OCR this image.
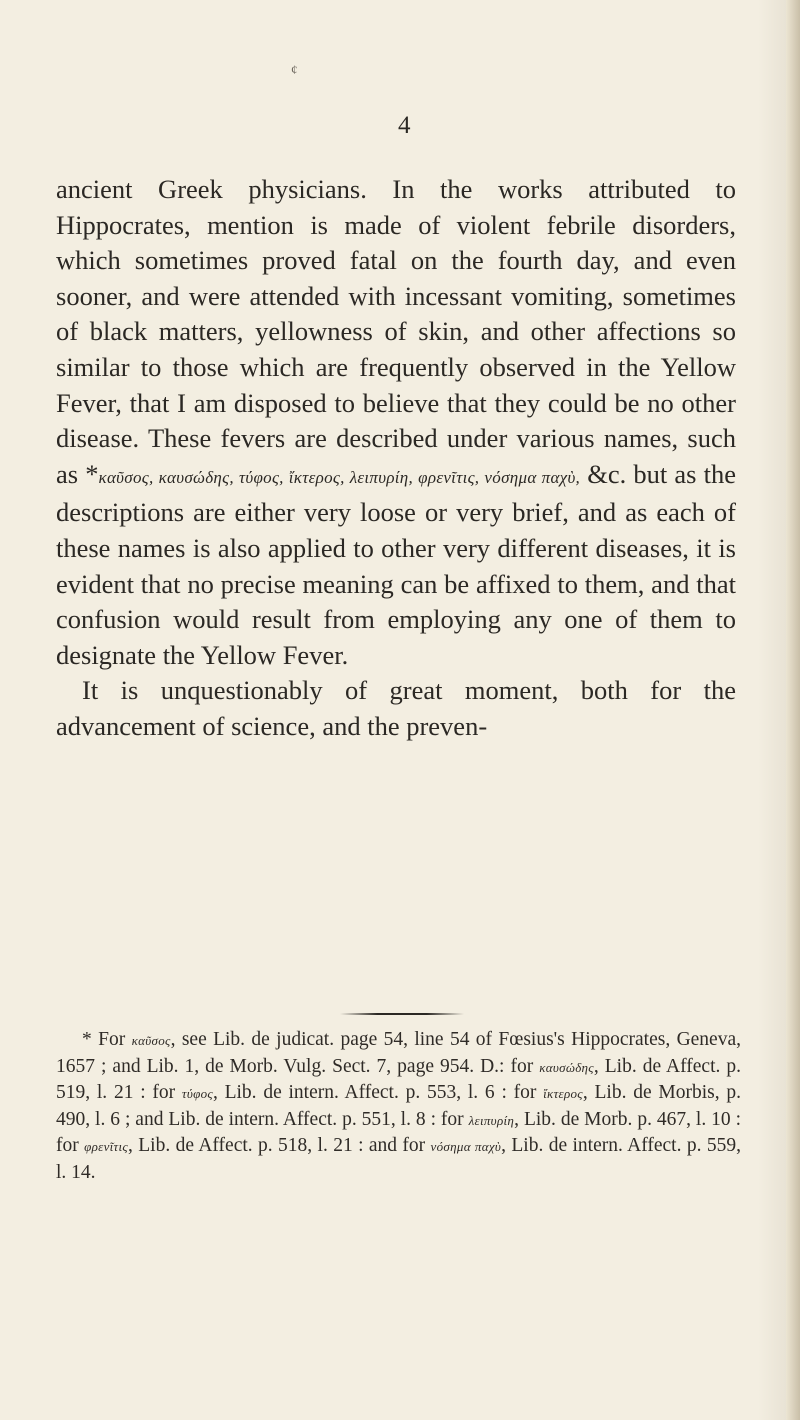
¢
4

ancient Greek physicians. In the works attributed to Hippocrates, mention is made of violent febrile disorders, which sometimes proved fatal on the fourth day, and even sooner, and were attended with incessant vomiting, sometimes of black matters, yellowness of skin, and other affections so similar to those which are frequently observed in the Yellow Fever, that I am disposed to believe that they could be no other disease. These fevers are described under various names, such as *καῦσος, καυσώδης, τύφος, ἴκτερος, λειπυρίη, φρενῖτις, νόσημα παχὺ, &c. but as the descriptions are either very loose or very brief, and as each of these names is also applied to other very different diseases, it is evident that no precise meaning can be affixed to them, and that confusion would result from employing any one of them to designate the Yellow Fever.

It is unquestionably of great moment, both for the advancement of science, and the preven-

* For καῦσος, see Lib. de judicat. page 54, line 54 of Fœsius's Hippocrates, Geneva, 1657 ; and Lib. 1, de Morb. Vulg. Sect. 7, page 954. D.: for καυσώδης, Lib. de Affect. p. 519, l. 21 : for τύφος, Lib. de intern. Affect. p. 553, l. 6 : for ἴκτερος, Lib. de Morbis, p. 490, l. 6 ; and Lib. de intern. Affect. p. 551, l. 8 : for λειπυρίη, Lib. de Morb. p. 467, l. 10 : for φρενῖτις, Lib. de Affect. p. 518, l. 21 : and for νόσημα παχὺ, Lib. de intern. Affect. p. 559, l. 14.
